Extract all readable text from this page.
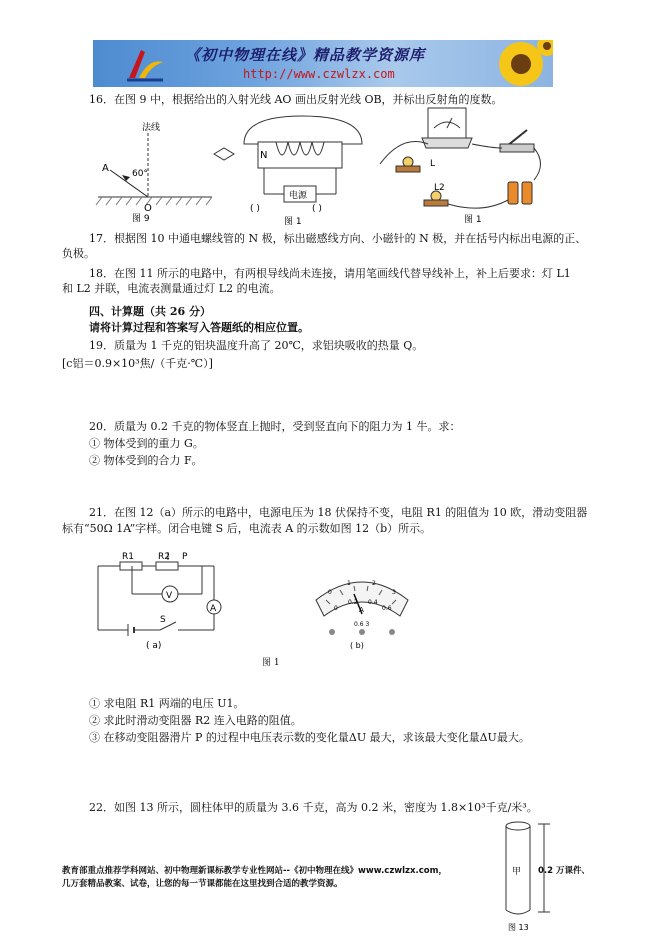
《初中物理在线》精品教学资源库
http://www.czwlzx.com
16．在图 9 中，根据给出的入射光线 AO 画出反射光线 OB，并标出反射角的度数。
法线
A	60°
O
图 9
N
电源
( )	( )
图 1
L
L2
图 1
17．根据图 10 中通电螺线管的 N 极，标出磁感线方向、小磁针的 N 极，并在括号内标出电源的正、
负极。
18．在图 11 所示的电路中，有两根导线尚未连接，请用笔画线代替导线补上，补上后要求：灯 L1
和 L2 并联，电流表测量通过灯 L2 的电流。
四、计算题（共 26 分）
请将计算过程和答案写入答题纸的相应位置。
19．质量为 1 千克的铝块温度升高了 20℃，求铝块吸收的热量 Q。
[c铝＝0.9×10³焦/（千克·℃）]
20．质量为 0.2 千克的物体竖直上抛时，受到竖直向下的阻力为 1 牛。求：
① 物体受到的重力 G。
② 物体受到的合力 F。
21．在图 12（a）所示的电路中，电源电压为 18 伏保持不变，电阻 R1 的阻值为 10 欧，滑动变阻器
标有“50Ω 1A”字样。闭合电键 S 后，电流表 A 的示数如图 12（b）所示。
R1	R2 P
V
A
S
( a)
0
1	2
3
0
0.2 0.4
0.6
A
0.6 3
( b)
图 1
① 求电阻 R1 两端的电压 U1。
② 求此时滑动变阻器 R2 连入电路的阻值。
③ 在移动变阻器滑片 P 的过程中电压表示数的变化量ΔU 最大，求该最大变化量ΔU最大。
22．如图 13 所示，圆柱体甲的质量为 3.6 千克，高为 0.2 米，密度为 1.8×10³千克/米³。
甲
图 13
教育部重点推荐学科网站、初中物理新课标教学专业性网站--《初中物理在线》www.czwlzx.com，	0.2 万课件、
几万套精品教案、试卷，让您的每一节课都能在这里找到合适的教学资源。
